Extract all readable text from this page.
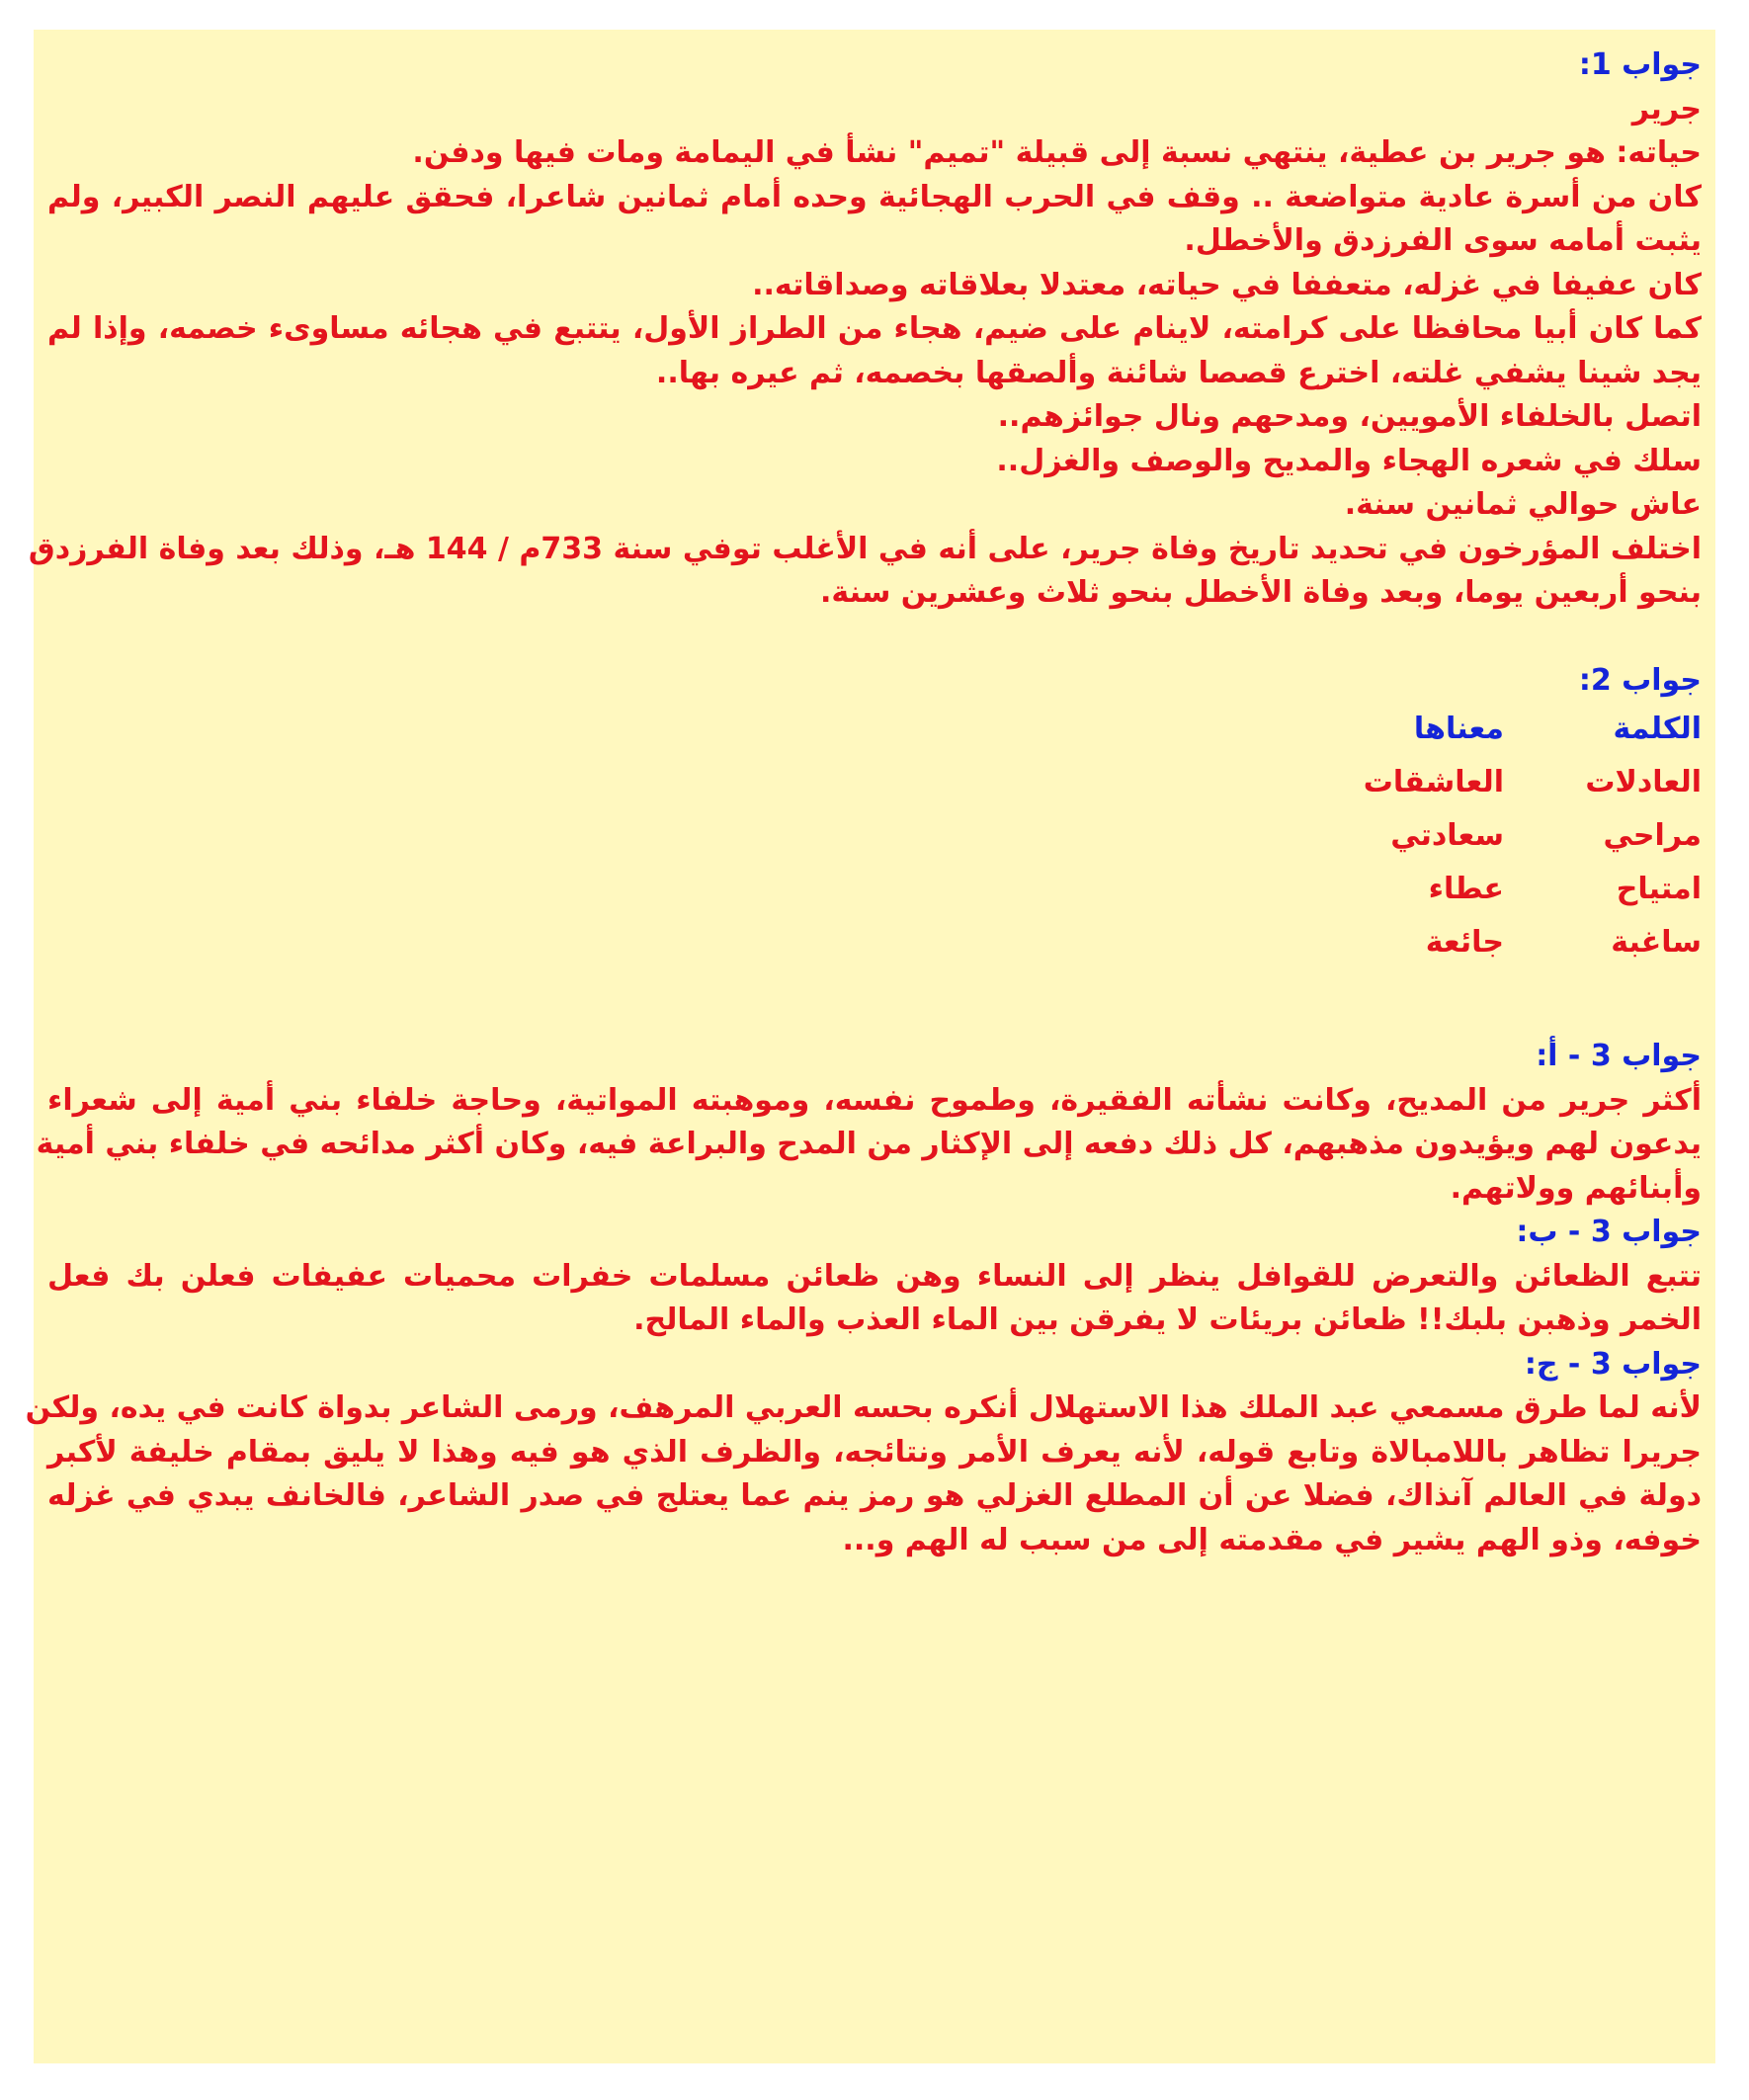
جواب 1:
جرير
حياته: هو جرير بن عطية، ينتهي نسبة إلى قبيلة "تميم" نشأ في اليمامة ومات فيها ودفن.
كان من أسرة عادية متواضعة .. وقف في الحرب الهجائية وحده أمام ثمانين شاعرا، فحقق عليهم النصر الكبير، ولم
يثبت أمامه سوى الفرزدق والأخطل.
كان عفيفا في غزله، متعففا في حياته، معتدلا بعلاقاته وصداقاته..
كما كان أبيا محافظا على كرامته، لاينام على ضيم، هجاء من الطراز الأول، يتتبع في هجائه مساوىء خصمه، وإذا لم
يجد شينا يشفي غلته، اخترع قصصا شائنة وألصقها بخصمه، ثم عيره بها..
اتصل بالخلفاء الأمويين، ومدحهم ونال جوائزهم..
سلك في شعره الهجاء والمديح والوصف والغزل..
عاش حوالي ثمانين سنة.
اختلف المؤرخون في تحديد تاريخ وفاة جرير، على أنه في الأغلب توفي سنة 733م / 144 هـ، وذلك بعد وفاة الفرزدق
بنحو أربعين يوما، وبعد وفاة الأخطل بنحو ثلاث وعشرين سنة.
جواب 2:
الكلمة
معناها
العادلات
العاشقات
مراحي
سعادتي
امتياح
عطاء
ساغبة
جائعة
جواب 3 - أ:
أكثر جرير من المديح، وكانت نشأته الفقيرة، وطموح نفسه، وموهبته المواتية، وحاجة خلفاء بني أمية إلى شعراء
يدعون لهم ويؤيدون مذهبهم، كل ذلك دفعه إلى الإكثار من المدح والبراعة فيه، وكان أكثر مدائحه في خلفاء بني أمية
وأبنائهم وولاتهم.
جواب 3 - ب:
تتبع الظعائن والتعرض للقوافل ينظر إلى النساء وهن ظعائن مسلمات خفرات محميات عفيفات فعلن بك فعل
الخمر وذهبن بلبك!! ظعائن بريئات لا يفرقن بين الماء العذب والماء المالح.
جواب 3 - ج:
لأنه لما طرق مسمعي عبد الملك هذا الاستهلال أنكره بحسه العربي المرهف، ورمى الشاعر بدواة كانت في يده، ولكن
جريرا تظاهر باللامبالاة وتابع قوله، لأنه يعرف الأمر ونتائجه، والظرف الذي هو فيه وهذا لا يليق بمقام خليفة لأكبر
دولة في العالم آنذاك، فضلا عن أن المطلع الغزلي هو رمز ينم عما يعتلج في صدر الشاعر، فالخانف يبدي في غزله
خوفه، وذو الهم يشير في مقدمته إلى من سبب له الهم و...
